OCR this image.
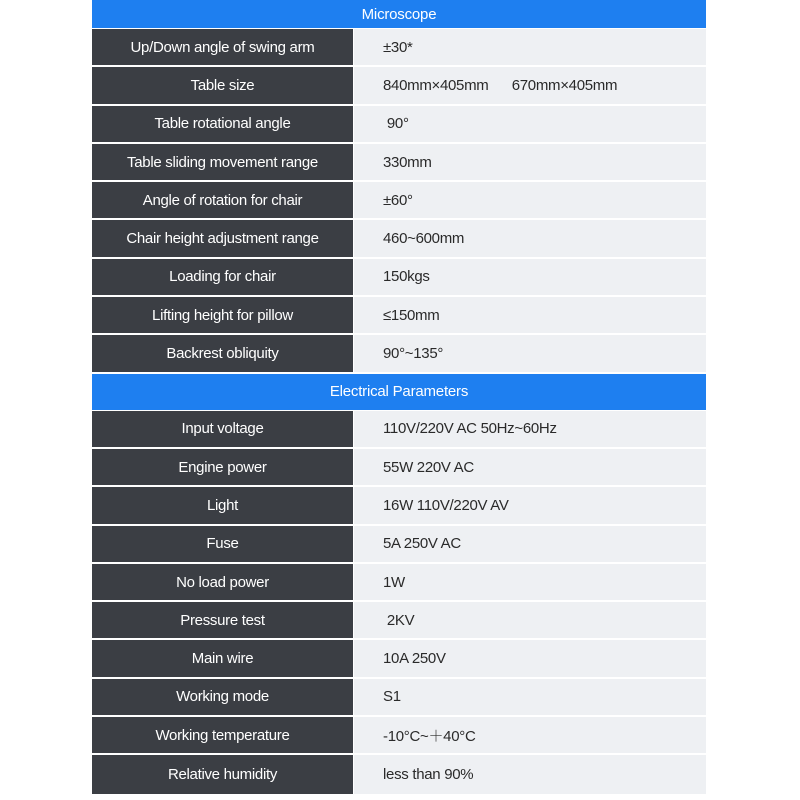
Microscope
Up/Down angle of swing arm	±30*
Table size	840mm×405mm      670mm×405mm
Table rotational angle	90°
Table sliding movement range	330mm
Angle of rotation for chair	±60°
Chair height adjustment range	460~600mm
Loading for chair	150kgs
Lifting height for pillow	≤150mm
Backrest obliquity	90°~135°
Electrical Parameters
Input voltage	110V/220V AC 50Hz~60Hz
Engine power	55W 220V AC
Light	16W 110V/220V AV
Fuse	5A 250V AC
No load power	1W
Pressure test	2KV
Main wire	10A 250V
Working mode	S1
Working temperature	-10°C~＋40°C
Relative humidity	less than 90%
